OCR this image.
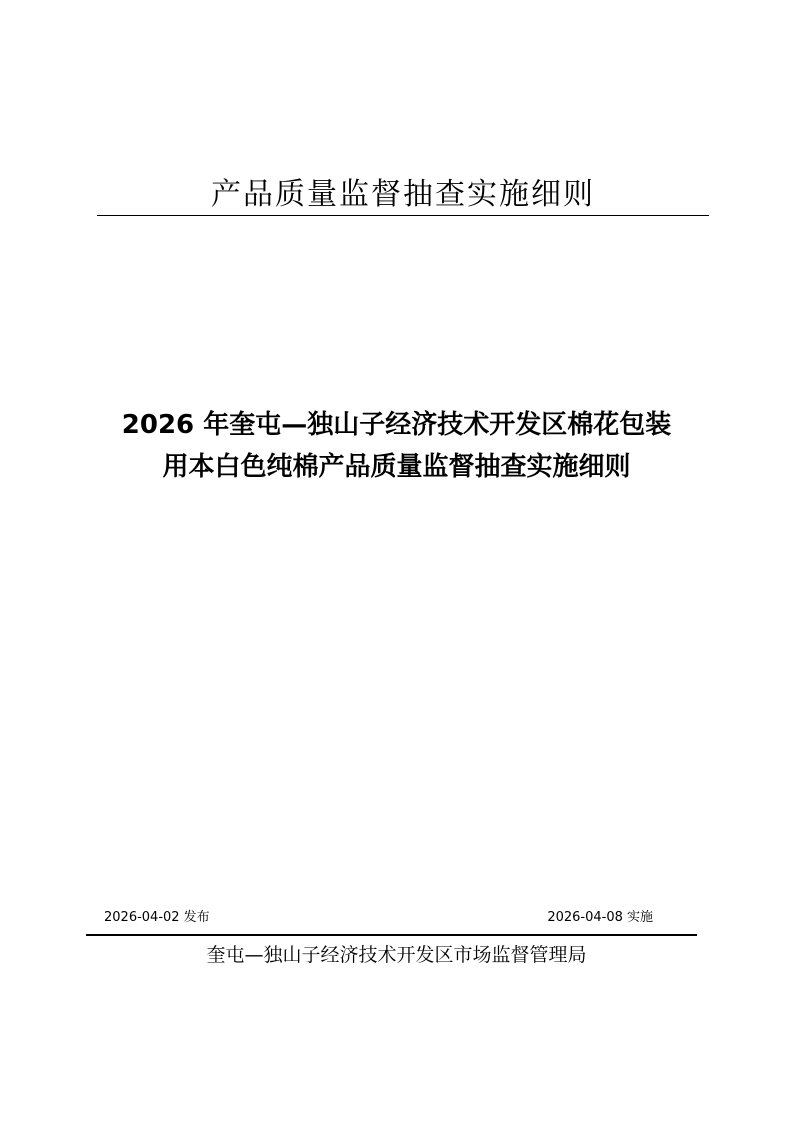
产品质量监督抽查实施细则
2026 年奎屯—独山子经济技术开发区棉花包装
用本白色纯棉产品质量监督抽查实施细则
2026-04-02 发布	2026-04-08 实施
奎屯—独山子经济技术开发区市场监督管理局
